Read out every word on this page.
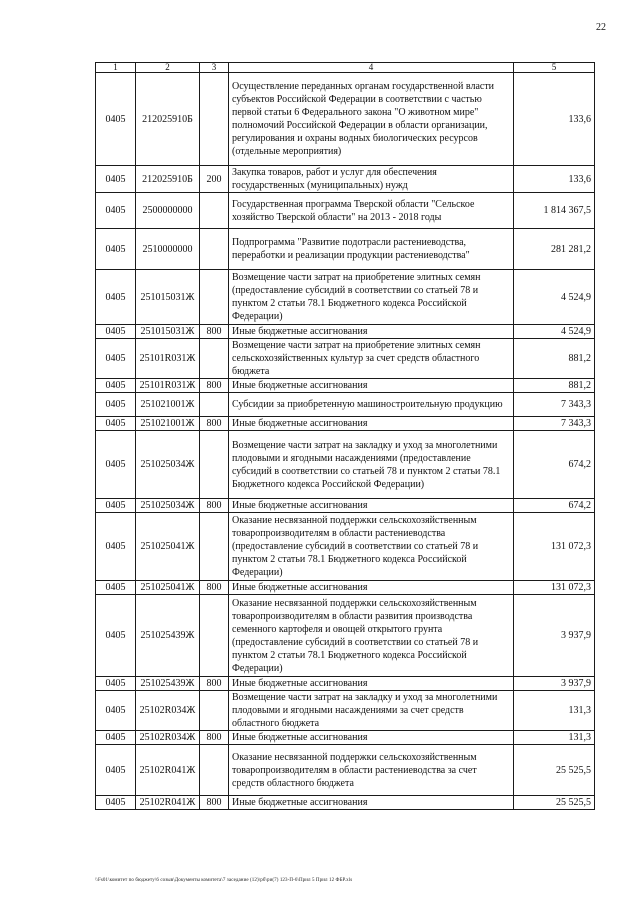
22
1	2	3	4	5
0405	212025910Б		Осуществление переданных органам государственной власти субъектов Российской Федерации в соответствии с частью первой статьи 6 Федерального закона "О животном мире" полномочий Российской Федерации в области организации, регулирования и охраны водных биологических ресурсов (отдельные мероприятия)	133,6
0405	212025910Б	200	Закупка товаров, работ и услуг для обеспечения государственных (муниципальных) нужд	133,6
0405	2500000000		Государственная программа Тверской области "Сельское хозяйство Тверской области" на 2013 - 2018 годы	1 814 367,5
0405	2510000000		Подпрограмма "Развитие подотрасли растениеводства, переработки и реализации продукции растениеводства"	281 281,2
0405	251015031Ж		Возмещение части затрат на приобретение элитных семян (предоставление субсидий в соответствии со статьей 78 и пунктом 2 статьи 78.1 Бюджетного кодекса Российской Федерации)	4 524,9
0405	251015031Ж	800	Иные бюджетные ассигнования	4 524,9
0405	25101R031Ж		Возмещение части затрат на приобретение элитных семян сельскохозяйственных культур за счет средств областного бюджета	881,2
0405	25101R031Ж	800	Иные бюджетные ассигнования	881,2
0405	251021001Ж		Субсидии за приобретенную машиностроительную продукцию	7 343,3
0405	251021001Ж	800	Иные бюджетные ассигнования	7 343,3
0405	251025034Ж		Возмещение части затрат на закладку и уход за многолетними плодовыми и ягодными насаждениями (предоставление субсидий в соответствии со статьей 78 и пунктом 2 статьи 78.1 Бюджетного кодекса Российской Федерации)	674,2
0405	251025034Ж	800	Иные бюджетные ассигнования	674,2
0405	251025041Ж		Оказание несвязанной поддержки сельскохозяйственным товаропроизводителям в области растениеводства (предоставление субсидий в соответствии со статьей 78 и пунктом 2 статьи 78.1 Бюджетного кодекса Российской Федерации)	131 072,3
0405	251025041Ж	800	Иные бюджетные ассигнования	131 072,3
0405	251025439Ж		Оказание несвязанной поддержки сельскохозяйственным товаропроизводителям в области развития производства семенного картофеля и овощей открытого грунта (предоставление субсидий в соответствии со статьей 78 и пунктом 2 статьи 78.1 Бюджетного кодекса Российской Федерации)	3 937,9
0405	251025439Ж	800	Иные бюджетные ассигнования	3 937,9
0405	25102R034Ж		Возмещение части затрат на закладку и уход за многолетними плодовыми и ягодными насаждениями за счет средств областного бюджета	131,3
0405	25102R034Ж	800	Иные бюджетные ассигнования	131,3
0405	25102R041Ж		Оказание несвязанной поддержки сельскохозяйственным товаропроизводителям в области растениеводства за счет средств областного бюджета	25 525,5
0405	25102R041Ж	800	Иные бюджетные ассигнования	25 525,5
\\Fs01\комитет по бюджету\6 созыв\Документы комитета\7 заседание (12)\рб\ри(7) 123-П-6\Прил 5 Прил 12 ФБР.xls
